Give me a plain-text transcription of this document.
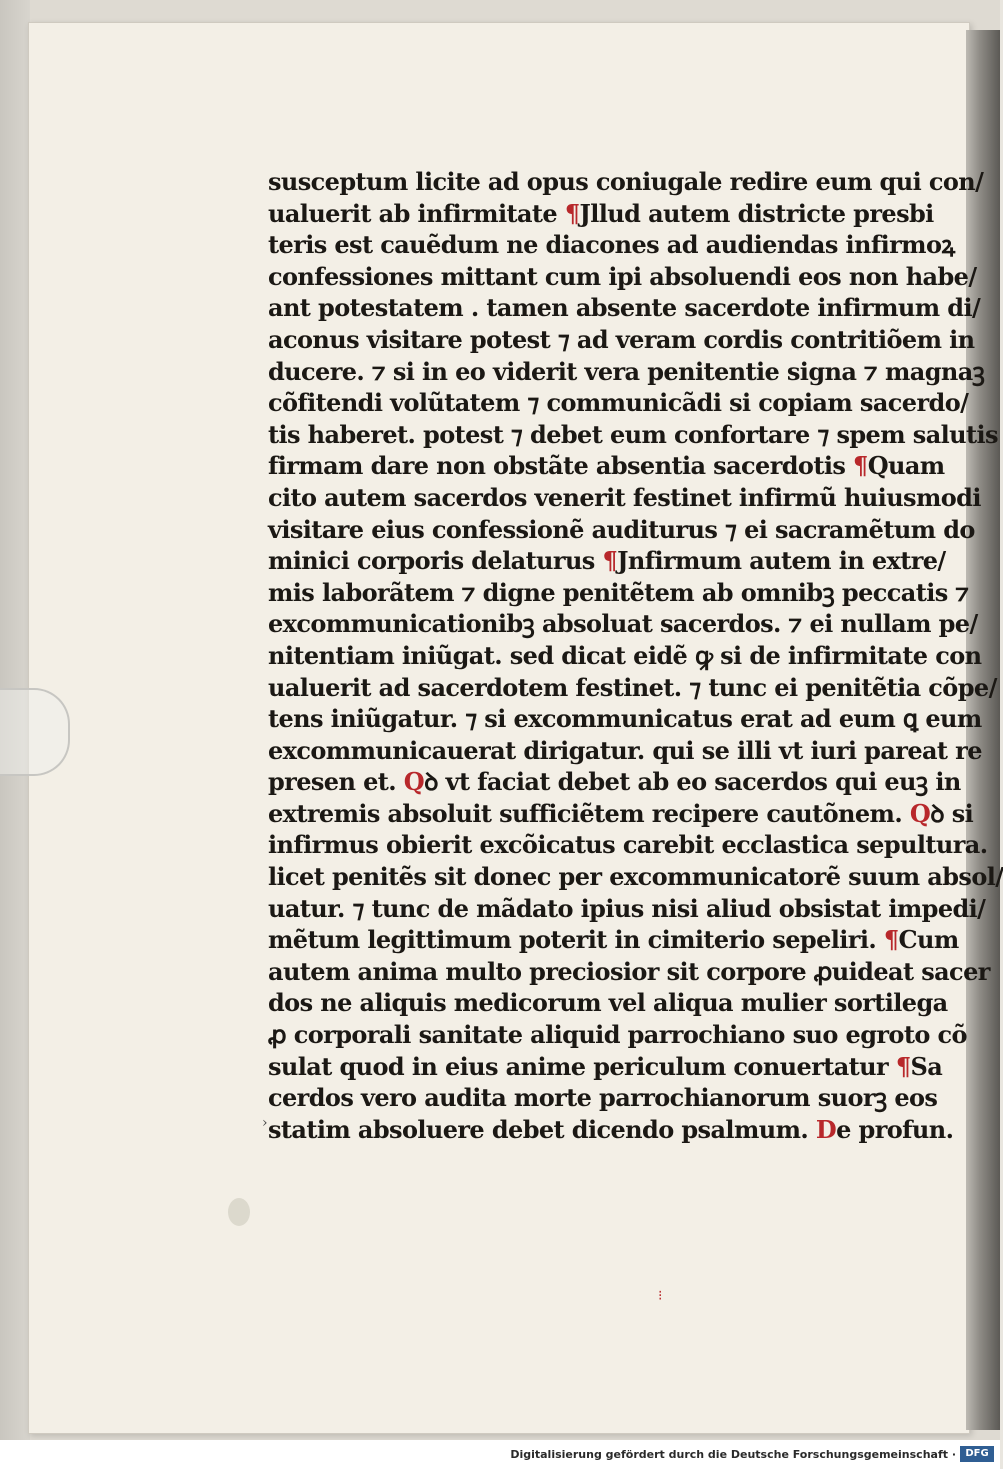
susceptum licite ad opus coniugale redire eum qui con/
ualuerit ab infirmitate ¶Jllud autem districte presbi
teris est cauẽdum ne diacones ad audiendas infirmoꝝ
confessiones mittant cum ipi absoluendi eos non habe/
ant potestatem . tamen absente sacerdote infirmum di/
aconus visitare potest ⁊ ad veram cordis contritiõem in
ducere. ⁊ si in eo viderit vera penitentie signa ⁊ magnaꝫ
cõfitendi volũtatem ⁊ communicãdi si copiam sacerdo/
tis haberet. potest ⁊ debet eum confortare ⁊ spem salutis
firmam dare non obstãte absentia sacerdotis ¶Quam
cito autem sacerdos venerit festinet infirmũ huiusmodi
visitare eius confessionẽ auditurus ⁊ ei sacramẽtum do
minici corporis delaturus ¶Jnfirmum autem in extre/
mis laborãtem ⁊ digne penitẽtem ab omnibꝫ peccatis ⁊
excommunicationibꝫ absoluat sacerdos. ⁊ ei nullam pe/
nitentiam iniũgat. sed dicat eidẽ ꝙ si de infirmitate con
ualuerit ad sacerdotem festinet. ⁊ tunc ei penitẽtia cõpe/
tens iniũgatur. ⁊ si excommunicatus erat ad eum ꝗ eum
excommunicauerat dirigatur. qui se illi vt iuri pareat re
presen et. Qꝺ vt faciat debet ab eo sacerdos qui euꝫ in
extremis absoluit sufficiẽtem recipere cautõnem. Qꝺ si
infirmus obierit excõicatus carebit ecclastica sepultura.
licet penitẽs sit donec per excommunicatorẽ suum absol/
uatur. ⁊ tunc de mãdato ipius nisi aliud obsistat impedi/
mẽtum legittimum poterit in cimiterio sepeliri. ¶Cum
autem anima multo preciosior sit corpore ꝓuideat sacer
dos ne aliquis medicorum vel aliqua mulier sortilega
ꝓ corporali sanitate aliquid parrochiano suo egroto cõ
sulat quod in eius anime periculum conuertatur ¶Sa
cerdos vero audita morte parrochianorum suorꝫ eos
statim absoluere debet dicendo psalmum. De profun.
›
⁝
Digitalisierung gefördert durch die Deutsche Forschungsgemeinschaft · DFG
